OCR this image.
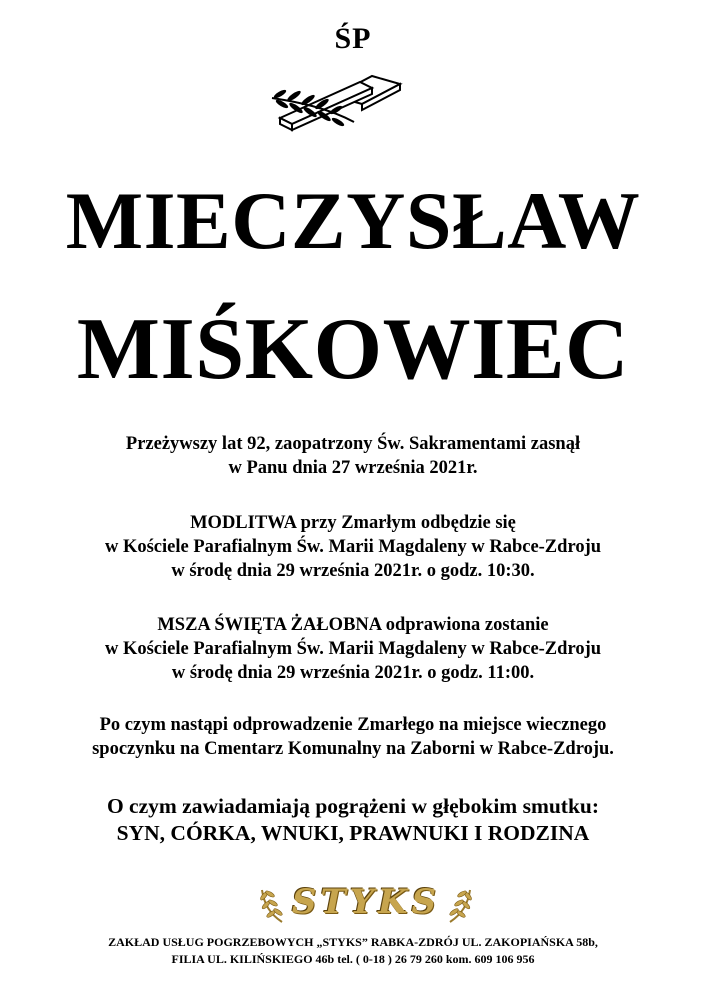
ŚP
MIECZYSŁAW
MIŚKOWIEC
Przeżywszy lat 92, zaopatrzony Św. Sakramentami zasnął
w Panu dnia 27 września 2021r.
MODLITWA przy Zmarłym odbędzie się
w Kościele Parafialnym Św. Marii Magdaleny w Rabce-Zdroju
w środę dnia 29 września 2021r. o godz. 10:30.
MSZA ŚWIĘTA ŻAŁOBNA odprawiona zostanie
w Kościele Parafialnym Św. Marii Magdaleny w Rabce-Zdroju
w środę dnia 29 września 2021r. o godz. 11:00.
Po czym nastąpi odprowadzenie Zmarłego na miejsce wiecznego
spoczynku na Cmentarz Komunalny na Zaborni w Rabce-Zdroju.
O czym zawiadamiają pogrążeni w głębokim smutku:
SYN, CÓRKA, WNUKI, PRAWNUKI I RODZINA
STYKS
ZAKŁAD USŁUG POGRZEBOWYCH „STYKS” RABKA-ZDRÓJ UL. ZAKOPIAŃSKA 58b,
FILIA UL. KILIŃSKIEGO 46b tel. ( 0-18 ) 26 79 260 kom. 609 106 956
